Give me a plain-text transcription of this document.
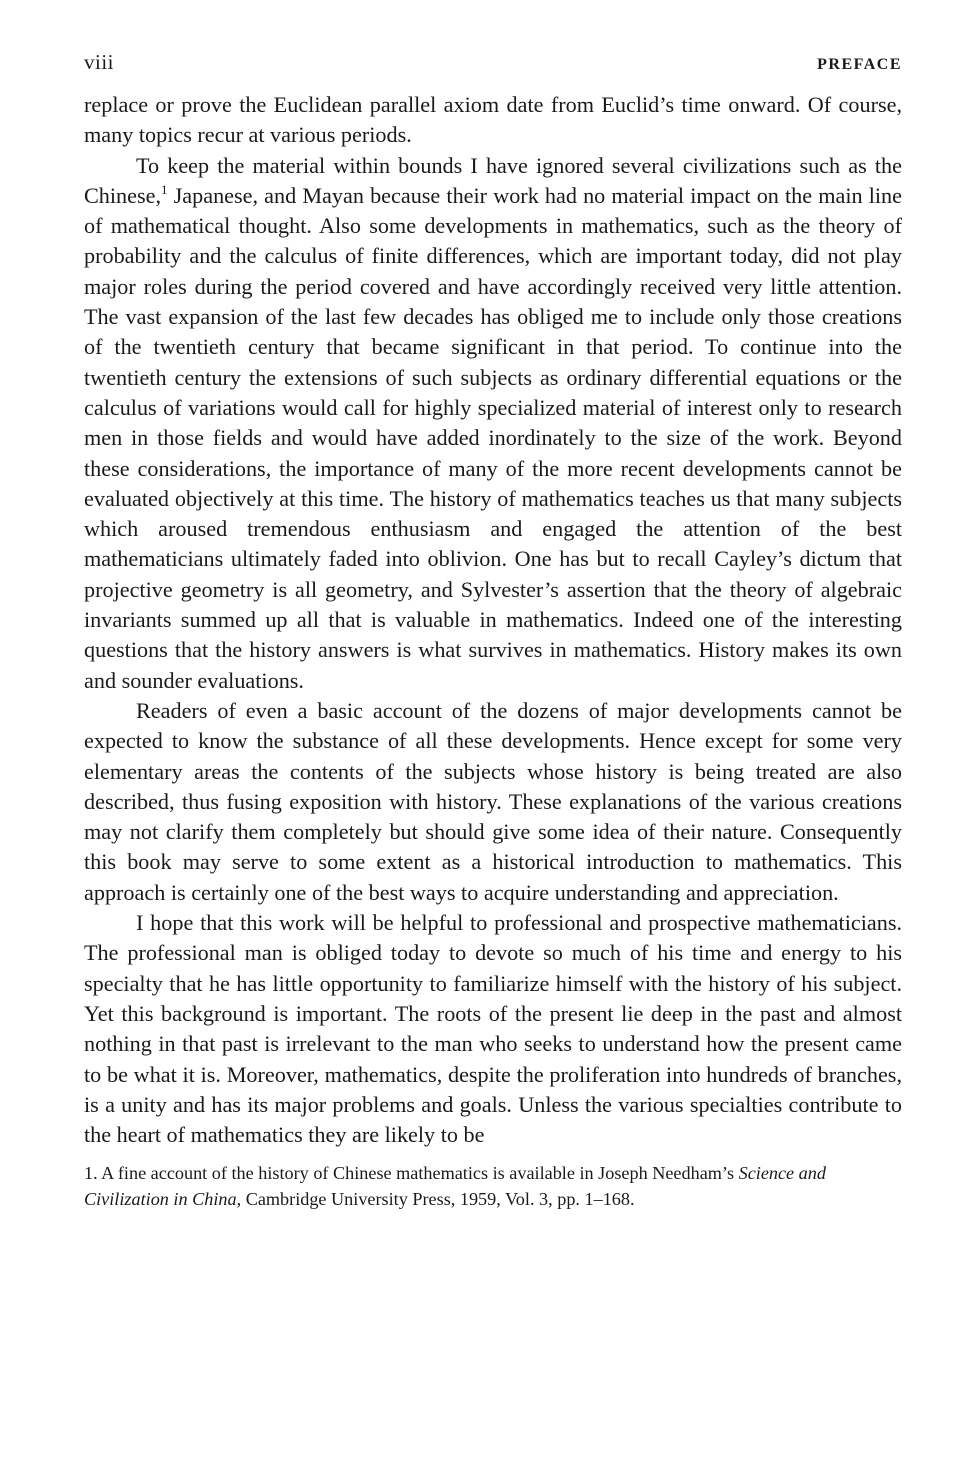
viii	PREFACE

replace or prove the Euclidean parallel axiom date from Euclid’s time onward. Of course, many topics recur at various periods.

To keep the material within bounds I have ignored several civilizations such as the Chinese,$^1$ Japanese, and Mayan because their work had no material impact on the main line of mathematical thought. Also some developments in mathematics, such as the theory of probability and the calculus of finite differences, which are important today, did not play major roles during the period covered and have accordingly received very little attention. The vast expansion of the last few decades has obliged me to include only those creations of the twentieth century that became significant in that period. To continue into the twentieth century the extensions of such subjects as ordinary differential equations or the calculus of variations would call for highly specialized material of interest only to research men in those fields and would have added inordinately to the size of the work. Beyond these considerations, the importance of many of the more recent developments cannot be evaluated objectively at this time. The history of mathematics teaches us that many subjects which aroused tremendous enthusiasm and engaged the attention of the best mathematicians ultimately faded into oblivion. One has but to recall Cayley’s dictum that projective geometry is all geometry, and Sylvester’s assertion that the theory of algebraic invariants summed up all that is valuable in mathematics. Indeed one of the interesting questions that the history answers is what survives in mathematics. History makes its own and sounder evaluations.

Readers of even a basic account of the dozens of major developments cannot be expected to know the substance of all these developments. Hence except for some very elementary areas the contents of the subjects whose history is being treated are also described, thus fusing exposition with history. These explanations of the various creations may not clarify them completely but should give some idea of their nature. Consequently this book may serve to some extent as a historical introduction to mathematics. This approach is certainly one of the best ways to acquire understanding and appreciation.

I hope that this work will be helpful to professional and prospective mathematicians. The professional man is obliged today to devote so much of his time and energy to his specialty that he has little opportunity to familiarize himself with the history of his subject. Yet this background is important. The roots of the present lie deep in the past and almost nothing in that past is irrelevant to the man who seeks to understand how the present came to be what it is. Moreover, mathematics, despite the proliferation into hundreds of branches, is a unity and has its major problems and goals. Unless the various specialties contribute to the heart of mathematics they are likely to be

1. A fine account of the history of Chinese mathematics is available in Joseph Needham’s Science and Civilization in China, Cambridge University Press, 1959, Vol. 3, pp. 1–168.
